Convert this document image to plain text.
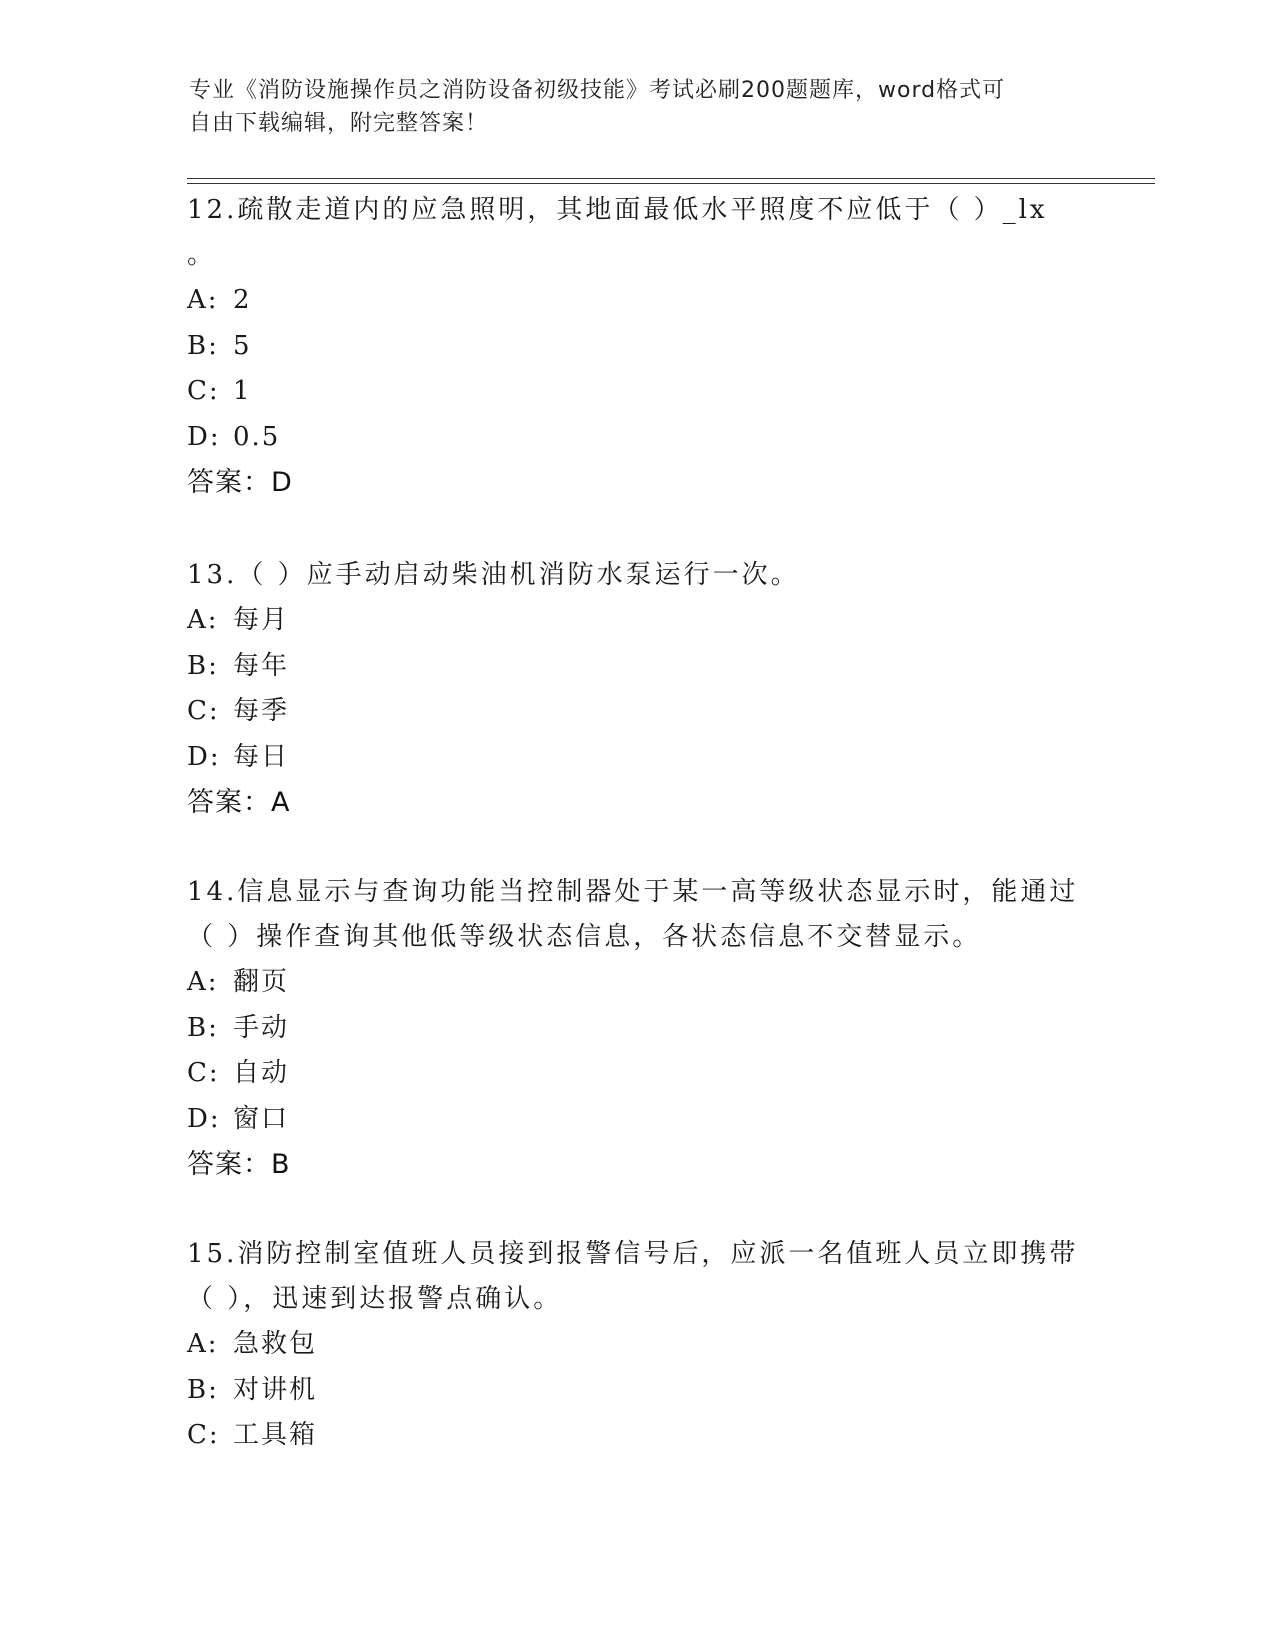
专业《消防设施操作员之消防设备初级技能》考试必刷200题题库，word格式可
自由下载编辑，附完整答案！
12.疏散走道内的应急照明，其地面最低水平照度不应低于（ ）_lx
。
A: 2
B: 5
C: 1
D: 0.5
答案：D
13.（ ）应手动启动柴油机消防水泵运行一次。
A: 每月
B: 每年
C: 每季
D: 每日
答案：A
14.信息显示与查询功能当控制器处于某一高等级状态显示时，能通过
（ ）操作查询其他低等级状态信息，各状态信息不交替显示。
A: 翻页
B: 手动
C: 自动
D: 窗口
答案：B
15.消防控制室值班人员接到报警信号后，应派一名值班人员立即携带
（ ），迅速到达报警点确认。
A: 急救包
B: 对讲机
C: 工具箱
